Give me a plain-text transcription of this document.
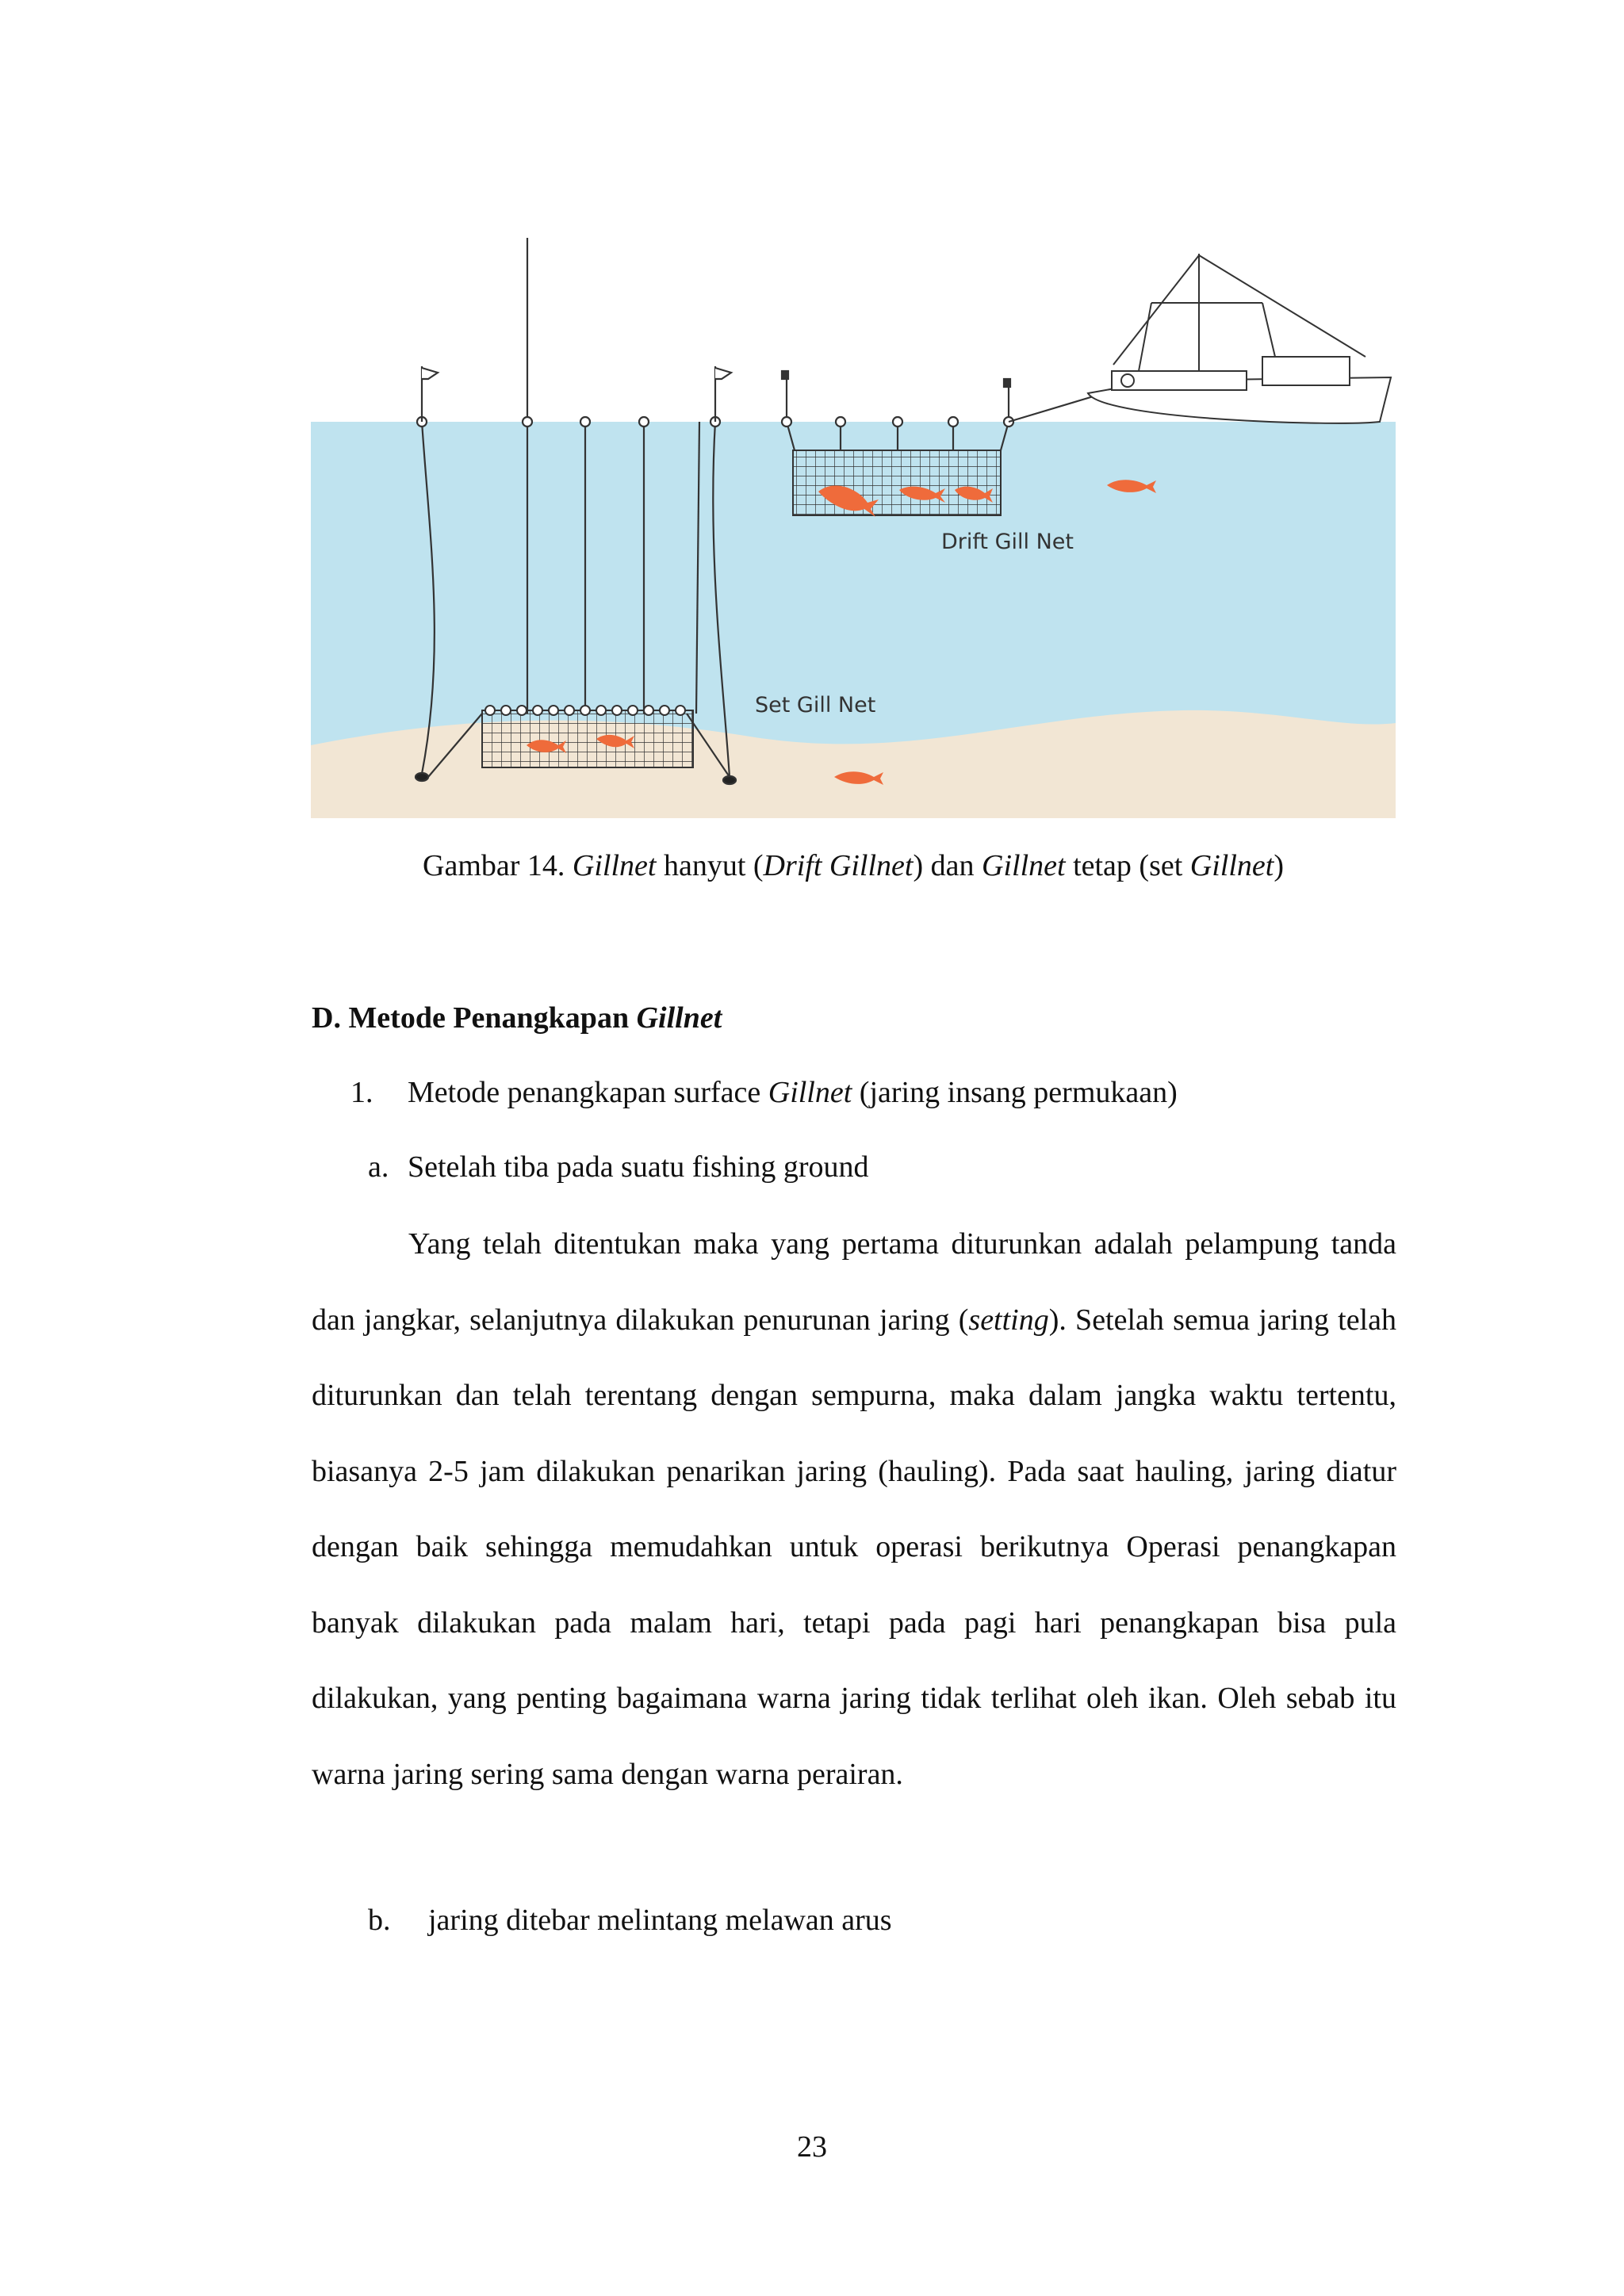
Drift Gill Net
Set Gill Net
Gambar 14. Gillnet hanyut (Drift Gillnet) dan Gillnet tetap (set Gillnet)
D. Metode Penangkapan Gillnet
1. Metode penangkapan surface Gillnet (jaring insang permukaan)
a. Setelah tiba pada suatu fishing ground
Yang telah ditentukan maka yang pertama diturunkan adalah pelampung tanda dan jangkar, selanjutnya dilakukan penurunan jaring (setting). Setelah semua jaring telah diturunkan dan telah terentang dengan sempurna, maka dalam jangka waktu tertentu, biasanya 2-5 jam dilakukan penarikan jaring (hauling). Pada saat hauling, jaring diatur dengan baik sehingga memudahkan untuk operasi berikutnya Operasi penangkapan banyak dilakukan pada malam hari, tetapi pada pagi hari penangkapan bisa pula dilakukan, yang penting bagaimana warna jaring tidak terlihat oleh ikan. Oleh sebab itu warna jaring sering sama dengan warna perairan.
b. jaring ditebar melintang melawan arus
23
